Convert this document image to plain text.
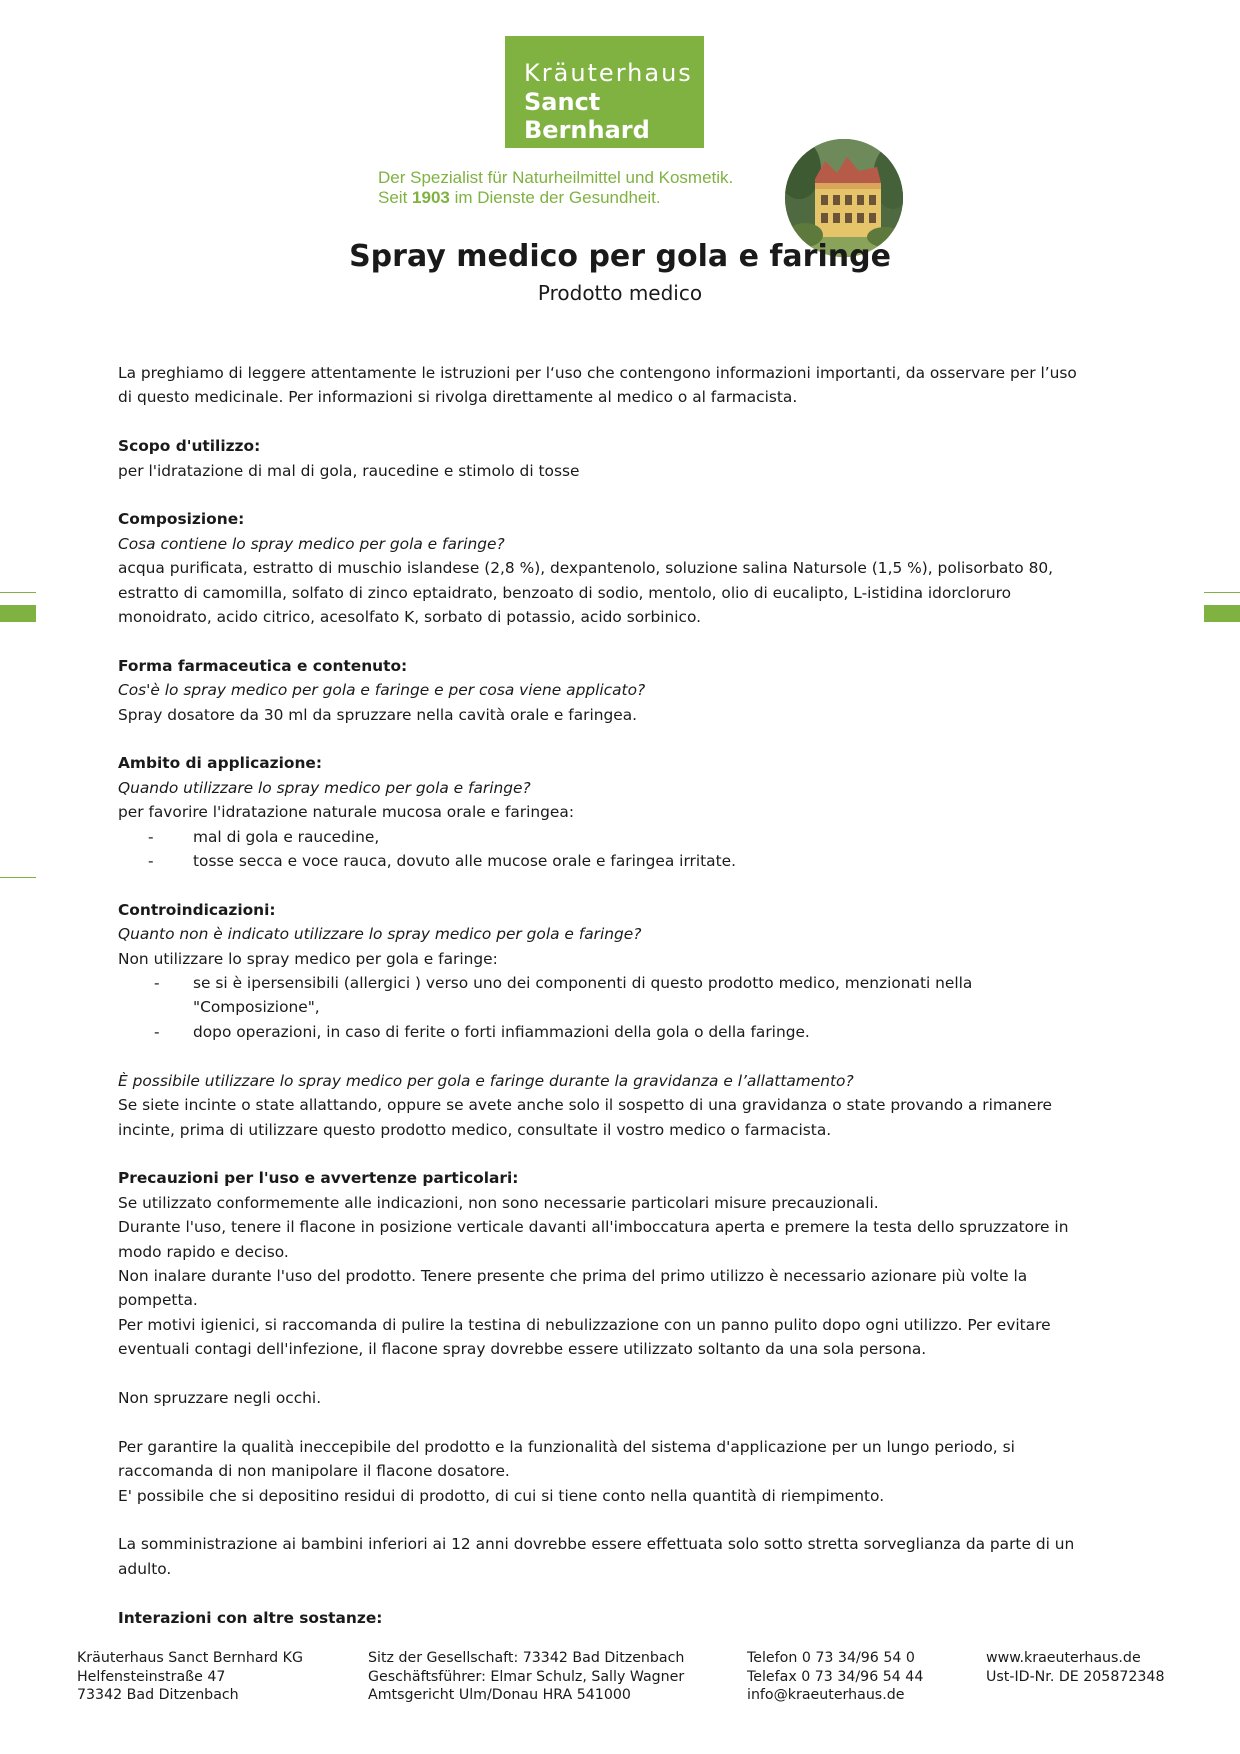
Kräuterhaus
Sanct Bernhard
Der Spezialist für Naturheilmittel und Kosmetik.
Seit 1903 im Dienste der Gesundheit.
Spray medico per gola e faringe
Prodotto medico

La preghiamo di leggere attentamente le istruzioni per l‘uso che contengono informazioni importanti, da osservare per l’uso

di questo medicinale. Per informazioni si rivolga direttamente al medico o al farmacista.

Scopo d'utilizzo:

per l'idratazione di mal di gola, raucedine e stimolo di tosse

Composizione:

Cosa contiene lo spray medico per gola e faringe?

acqua purificata, estratto di muschio islandese (2,8 %), dexpantenolo, soluzione salina Natursole (1,5 %), polisorbato 80,

estratto di camomilla, solfato di zinco eptaidrato, benzoato di sodio, mentolo, olio di eucalipto, L-istidina idorcloruro

monoidrato, acido citrico, acesolfato K, sorbato di potassio, acido sorbinico.

Forma farmaceutica e contenuto:

Cos'è lo spray medico per gola e faringe e per cosa viene applicato?

Spray dosatore da 30 ml da spruzzare nella cavità orale e faringea.

Ambito di applicazione:

Quando utilizzare lo spray medico per gola e faringe?

per favorire l'idratazione naturale mucosa orale e faringea:

-	mal di gola e raucedine,
-	tosse secca e voce rauca, dovuto alle mucose orale e faringea irritate.

Controindicazioni:

Quanto non è indicato utilizzare lo spray medico per gola e faringe?

Non utilizzare lo spray medico per gola e faringe:

- se si è ipersensibili (allergici ) verso uno dei componenti di questo prodotto medico, menzionati nella
"Composizione",
- dopo operazioni, in caso di ferite o forti infiammazioni della gola o della faringe.

È possibile utilizzare lo spray medico per gola e faringe durante la gravidanza e l’allattamento?

Se siete incinte o state allattando, oppure se avete anche solo il sospetto di una gravidanza o state provando a rimanere

incinte, prima di utilizzare questo prodotto medico, consultate il vostro medico o farmacista.

Precauzioni per l'uso e avvertenze particolari:

Se utilizzato conformemente alle indicazioni, non sono necessarie particolari misure precauzionali.

Durante l'uso, tenere il flacone in posizione verticale davanti all'imboccatura aperta e premere la testa dello spruzzatore in

modo rapido e deciso.

Non inalare durante l'uso del prodotto. Tenere presente che prima del primo utilizzo è necessario azionare più volte la

pompetta.

Per motivi igienici, si raccomanda di pulire la testina di nebulizzazione con un panno pulito dopo ogni utilizzo. Per evitare

eventuali contagi dell'infezione, il flacone spray dovrebbe essere utilizzato soltanto da una sola persona.

Non spruzzare negli occhi.

Per garantire la qualità ineccepibile del prodotto e la funzionalità del sistema d'applicazione per un lungo periodo, si

raccomanda di non manipolare il flacone dosatore.

E' possibile che si depositino residui di prodotto, di cui si tiene conto nella quantità di riempimento.

La somministrazione ai bambini inferiori ai 12 anni dovrebbe essere effettuata solo sotto stretta sorveglianza da parte di un

adulto.

Interazioni con altre sostanze:

Kräuterhaus Sanct Bernhard KG

Helfensteinstraße 47

73342 Bad Ditzenbach

Sitz der Gesellschaft: 73342 Bad Ditzenbach

Geschäftsführer: Elmar Schulz, Sally Wagner

Amtsgericht Ulm/Donau HRA 541000

Telefon 0 73 34/96 54 0

Telefax 0 73 34/96 54 44

info@kraeuterhaus.de

www.kraeuterhaus.de

Ust-ID-Nr. DE 205872348
